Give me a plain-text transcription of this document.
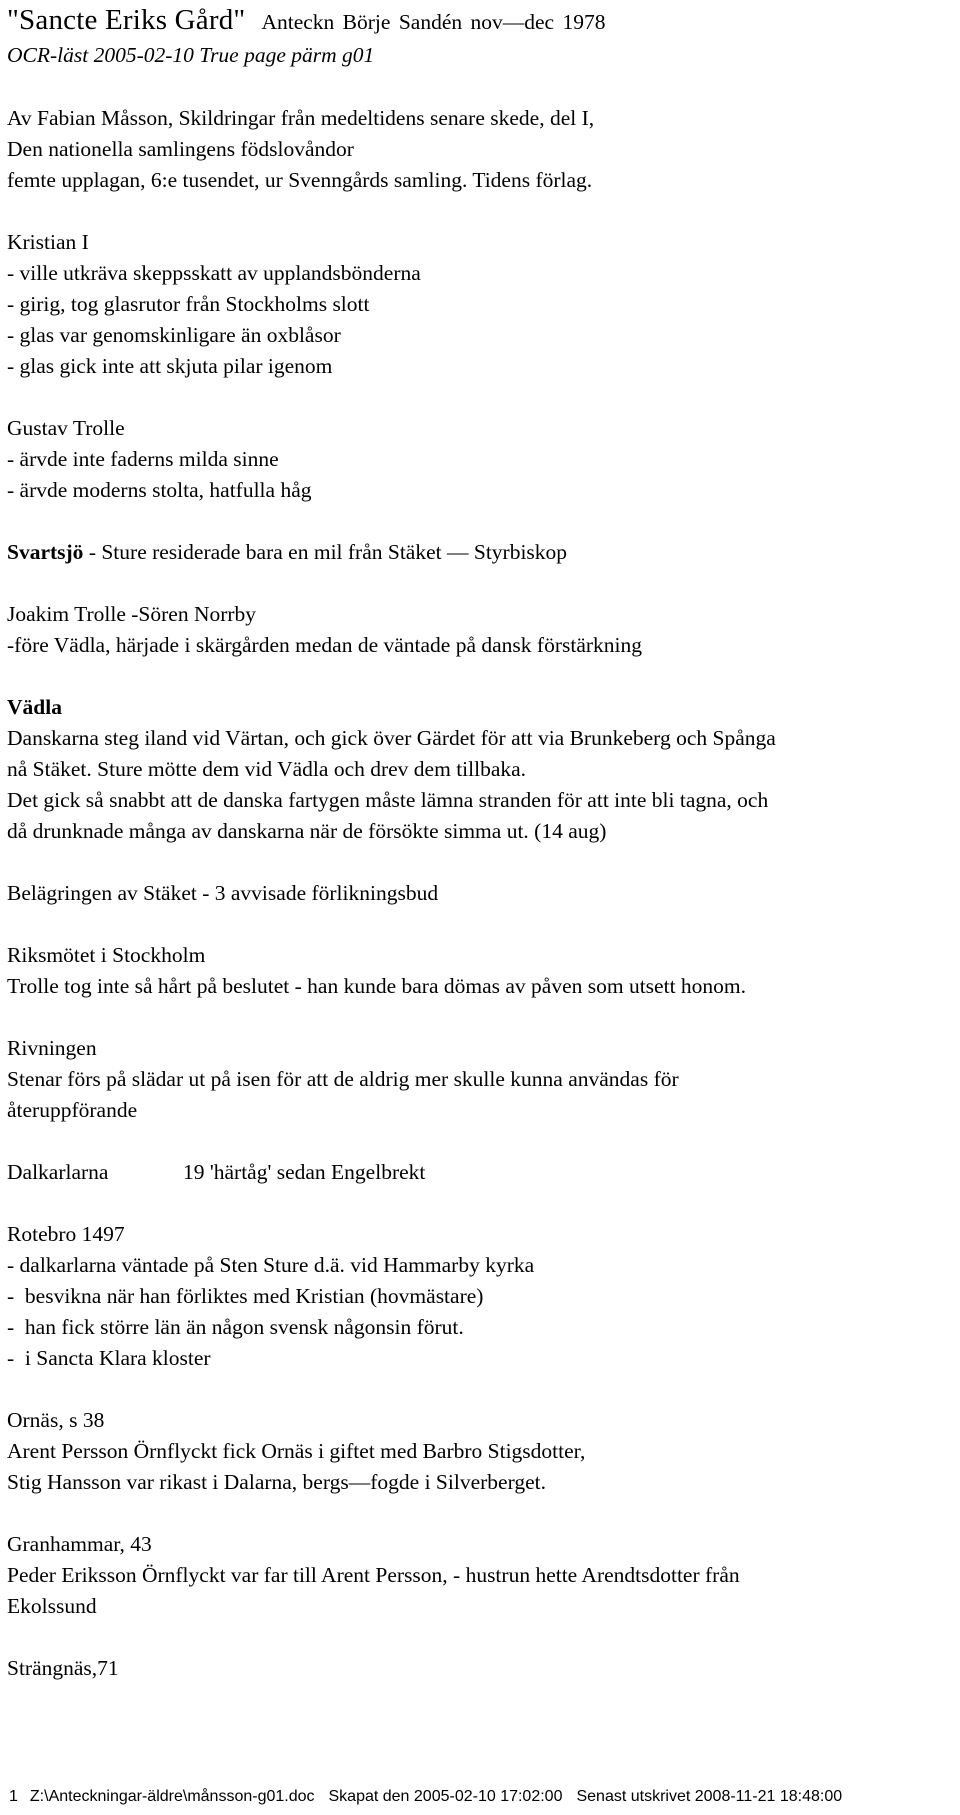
"Sancte Eriks Gård" Anteckn Börje Sandén nov—dec 1978
OCR-läst 2005-02-10 True page pärm g01

Av Fabian Måsson, Skildringar från medeltidens senare skede, del I,

Den nationella samlingens födslovåndor

femte upplagan, 6:e tusendet, ur Svenngårds samling. Tidens förlag.

Kristian I

- ville utkräva skeppsskatt av upplandsbönderna

- girig, tog glasrutor från Stockholms slott

- glas var genomskinligare än oxblåsor

- glas gick inte att skjuta pilar igenom

Gustav Trolle

- ärvde inte faderns milda sinne

- ärvde moderns stolta, hatfulla håg

Svartsjö - Sture residerade bara en mil från Stäket — Styrbiskop

Joakim Trolle -Sören Norrby

-före Vädla, härjade i skärgården medan de väntade på dansk förstärkning

Vädla

Danskarna steg iland vid Värtan, och gick över Gärdet för att via Brunkeberg och Spånga

nå Stäket. Sture mötte dem vid Vädla och drev dem tillbaka.

Det gick så snabbt att de danska fartygen måste lämna stranden för att inte bli tagna, och

då drunknade många av danskarna när de försökte simma ut. (14 aug)

Belägringen av Stäket - 3 avvisade förlikningsbud

Riksmötet i Stockholm

Trolle tog inte så hårt på beslutet - han kunde bara dömas av påven som utsett honom.

Rivningen

Stenar förs på slädar ut på isen för att de aldrig mer skulle kunna användas för

återuppförande

Dalkarlarna	19 'härtåg' sedan Engelbrekt

Rotebro 1497

- dalkarlarna väntade på Sten Sture d.ä. vid Hammarby kyrka

-  besvikna när han förliktes med Kristian (hovmästare)

-  han fick större län än någon svensk någonsin förut.

-  i Sancta Klara kloster

Ornäs, s 38

Arent Persson Örnflyckt fick Ornäs i giftet med Barbro Stigsdotter,

Stig Hansson var rikast i Dalarna, bergs—fogde i Silverberget.

Granhammar, 43

Peder Eriksson Örnflyckt var far till Arent Persson, - hustrun hette Arendtsdotter från

Ekolssund

Strängnäs,71

1 Z:\Anteckningar-äldre\månsson-g01.doc Skapat den 2005-02-10 17:02:00 Senast utskrivet 2008-11-21 18:48:00
